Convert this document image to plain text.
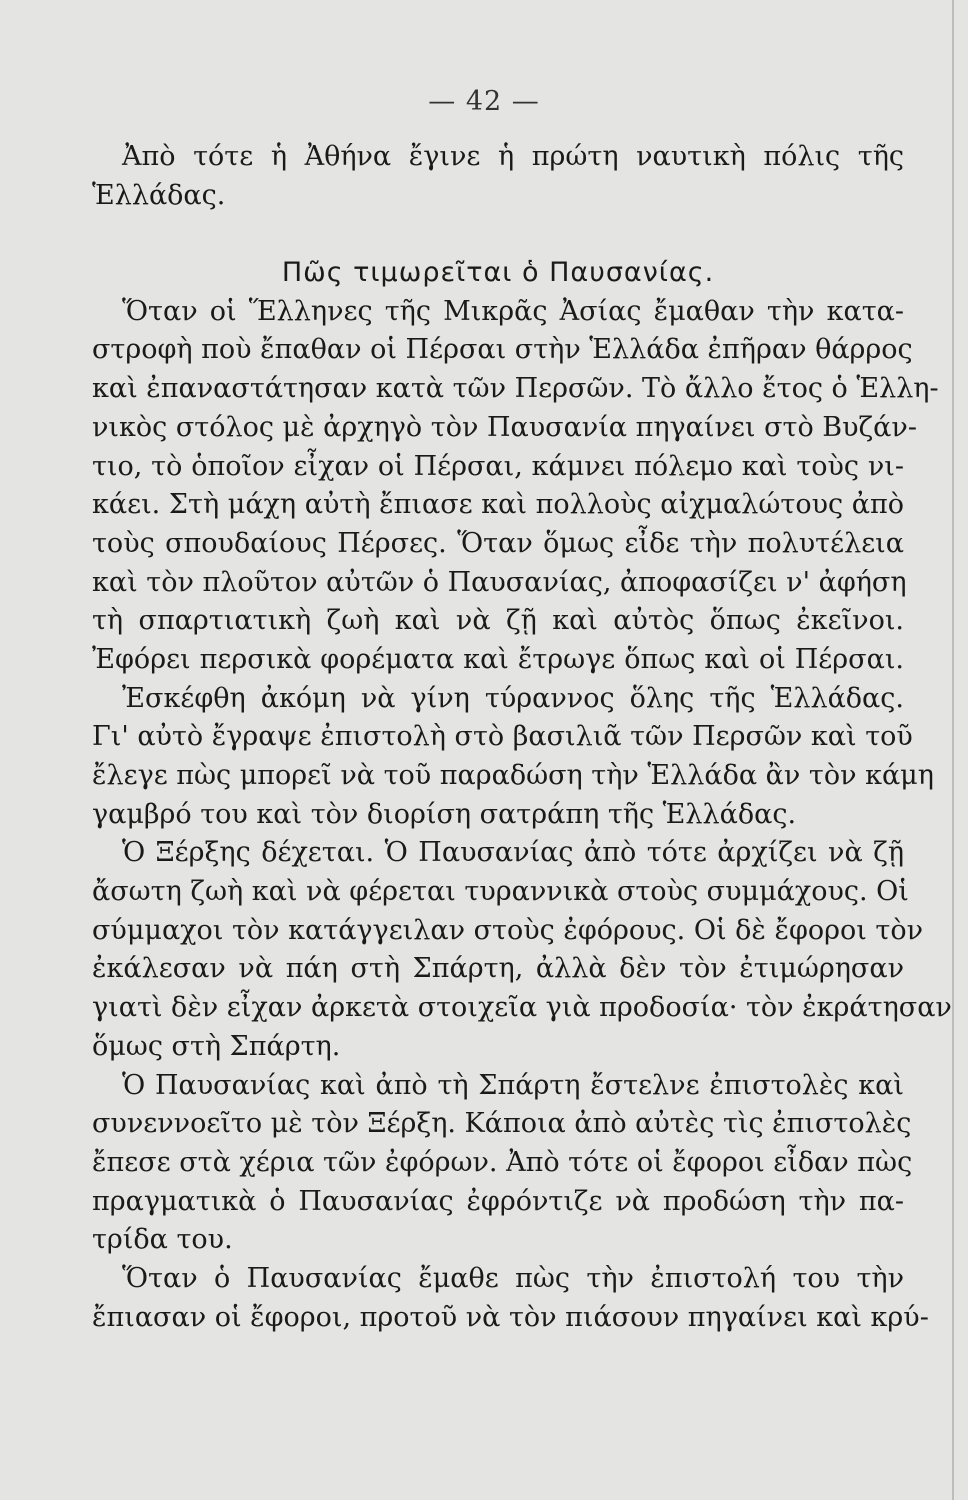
— 42 —
Ἀπὸ τότε ἡ Ἀθήνα ἔγινε ἡ πρώτη ναυτικὴ πόλις τῆς
Ἑλλάδας.
Πῶς τιμωρεῖται ὁ Παυσανίας.
Ὅταν οἱ Ἕλληνες τῆς Μικρᾶς Ἀσίας ἔμαθαν τὴν κατα-
στροφὴ ποὺ ἔπαθαν οἱ Πέρσαι στὴν Ἑλλάδα ἐπῆραν θάρρος
καὶ ἐπαναστάτησαν κατὰ τῶν Περσῶν. Τὸ ἄλλο ἔτος ὁ Ἑλλη-
νικὸς στόλος μὲ ἀρχηγὸ τὸν Παυσανία πηγαίνει στὸ Βυζάν-
τιο, τὸ ὁποῖον εἶχαν οἱ Πέρσαι, κάμνει πόλεμο καὶ τοὺς νι-
κάει. Στὴ μάχη αὐτὴ ἔπιασε καὶ πολλοὺς αἰχμαλώτους ἀπὸ
τοὺς σπουδαίους Πέρσες. Ὅταν ὅμως εἶδε τὴν πολυτέλεια
καὶ τὸν πλοῦτον αὐτῶν ὁ Παυσανίας, ἀποφασίζει ν' ἀφήση
τὴ σπαρτιατικὴ ζωὴ καὶ νὰ ζῇ καὶ αὐτὸς ὅπως ἐκεῖνοι.
Ἐφόρει περσικὰ φορέματα καὶ ἔτρωγε ὅπως καὶ οἱ Πέρσαι.
Ἐσκέφθη ἀκόμη νὰ γίνη τύραννος ὅλης τῆς Ἑλλάδας.
Γι' αὐτὸ ἔγραψε ἐπιστολὴ στὸ βασιλιᾶ τῶν Περσῶν καὶ τοῦ
ἔλεγε πὼς μπορεῖ νὰ τοῦ παραδώση τὴν Ἑλλάδα ἂν τὸν κάμη
γαμβρό του καὶ τὸν διορίση σατράπη τῆς Ἑλλάδας.
Ὁ Ξέρξης δέχεται. Ὁ Παυσανίας ἀπὸ τότε ἀρχίζει νὰ ζῇ
ἄσωτη ζωὴ καὶ νὰ φέρεται τυραννικὰ στοὺς συμμάχους. Οἱ
σύμμαχοι τὸν κατάγγειλαν στοὺς ἐφόρους. Οἱ δὲ ἔφοροι τὸν
ἐκάλεσαν νὰ πάη στὴ Σπάρτη, ἀλλὰ δὲν τὸν ἐτιμώρησαν
γιατὶ δὲν εἶχαν ἀρκετὰ στοιχεῖα γιὰ προδοσία· τὸν ἐκράτησαν
ὅμως στὴ Σπάρτη.
Ὁ Παυσανίας καὶ ἀπὸ τὴ Σπάρτη ἔστελνε ἐπιστολὲς καὶ
συνεννοεῖτο μὲ τὸν Ξέρξη. Κάποια ἀπὸ αὐτὲς τὶς ἐπιστολὲς
ἔπεσε στὰ χέρια τῶν ἐφόρων. Ἀπὸ τότε οἱ ἔφοροι εἶδαν πὼς
πραγματικὰ ὁ Παυσανίας ἐφρόντιζε νὰ προδώση τὴν πα-
τρίδα του.
Ὅταν ὁ Παυσανίας ἔμαθε πὼς τὴν ἐπιστολή του τὴν
ἔπιασαν οἱ ἔφοροι, προτοῦ νὰ τὸν πιάσουν πηγαίνει καὶ κρύ-
